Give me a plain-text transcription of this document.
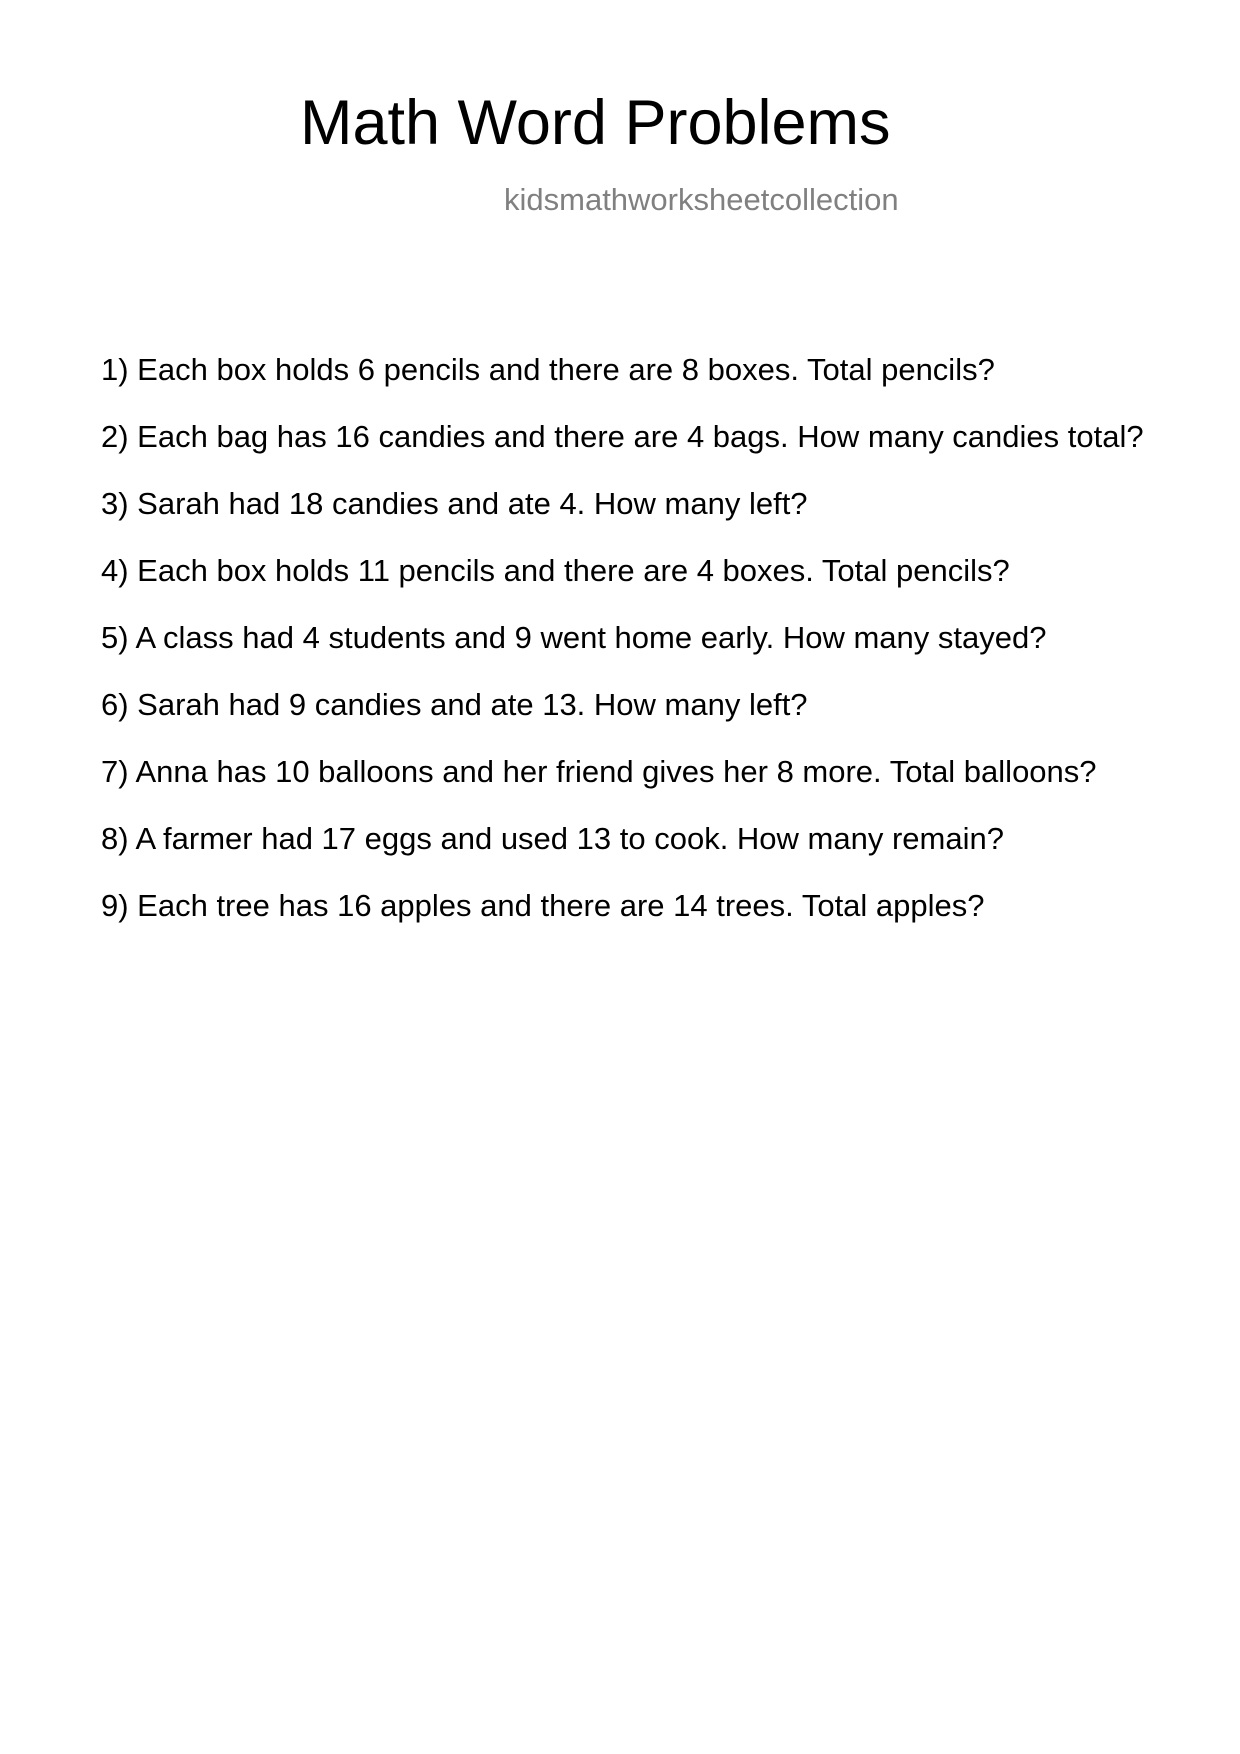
Math Word Problems
kidsmathworksheetcollection
1) Each box holds 6 pencils and there are 8 boxes. Total pencils?
2) Each bag has 16 candies and there are 4 bags. How many candies total?
3) Sarah had 18 candies and ate 4. How many left?
4) Each box holds 11 pencils and there are 4 boxes. Total pencils?
5) A class had 4 students and 9 went home early. How many stayed?
6) Sarah had 9 candies and ate 13. How many left?
7) Anna has 10 balloons and her friend gives her 8 more. Total balloons?
8) A farmer had 17 eggs and used 13 to cook. How many remain?
9) Each tree has 16 apples and there are 14 trees. Total apples?
